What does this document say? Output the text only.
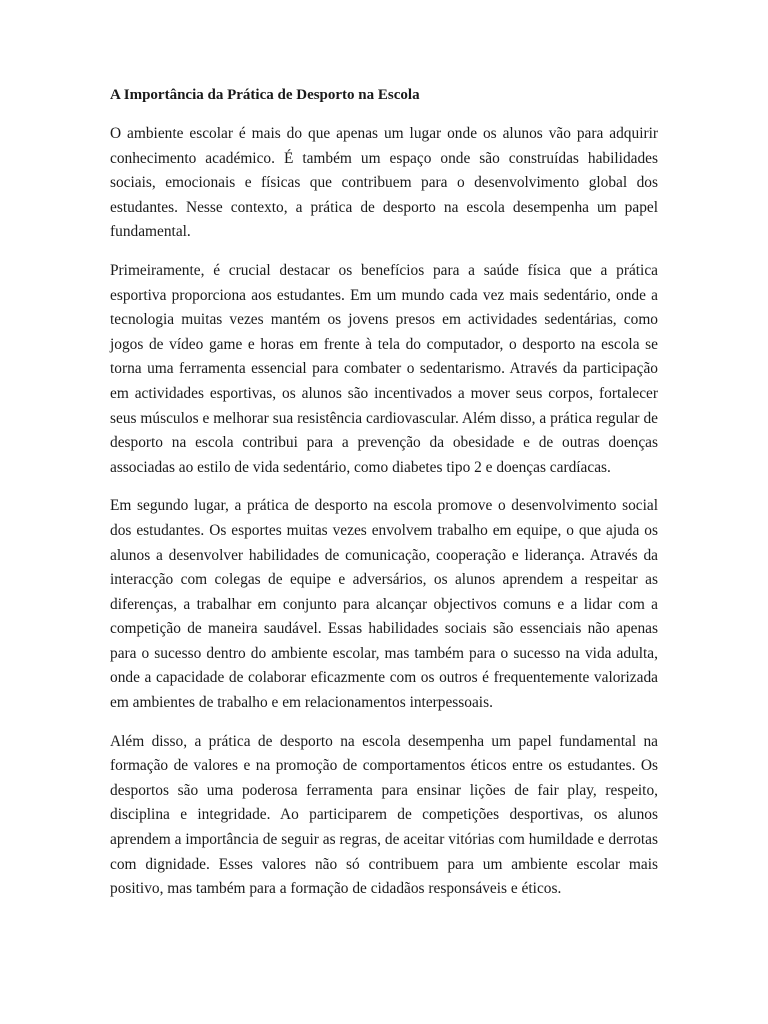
A Importância da Prática de Desporto na Escola

O ambiente escolar é mais do que apenas um lugar onde os alunos vão para adquirir conhecimento académico. É também um espaço onde são construídas habilidades sociais, emocionais e físicas que contribuem para o desenvolvimento global dos estudantes. Nesse contexto, a prática de desporto na escola desempenha um papel fundamental.

Primeiramente, é crucial destacar os benefícios para a saúde física que a prática esportiva proporciona aos estudantes. Em um mundo cada vez mais sedentário, onde a tecnologia muitas vezes mantém os jovens presos em actividades sedentárias, como jogos de vídeo game e horas em frente à tela do computador, o desporto na escola se torna uma ferramenta essencial para combater o sedentarismo. Através da participação em actividades esportivas, os alunos são incentivados a mover seus corpos, fortalecer seus músculos e melhorar sua resistência cardiovascular. Além disso, a prática regular de desporto na escola contribui para a prevenção da obesidade e de outras doenças associadas ao estilo de vida sedentário, como diabetes tipo 2 e doenças cardíacas.

Em segundo lugar, a prática de desporto na escola promove o desenvolvimento social dos estudantes. Os esportes muitas vezes envolvem trabalho em equipe, o que ajuda os alunos a desenvolver habilidades de comunicação, cooperação e liderança. Através da interacção com colegas de equipe e adversários, os alunos aprendem a respeitar as diferenças, a trabalhar em conjunto para alcançar objectivos comuns e a lidar com a competição de maneira saudável. Essas habilidades sociais são essenciais não apenas para o sucesso dentro do ambiente escolar, mas também para o sucesso na vida adulta, onde a capacidade de colaborar eficazmente com os outros é frequentemente valorizada em ambientes de trabalho e em relacionamentos interpessoais.

Além disso, a prática de desporto na escola desempenha um papel fundamental na formação de valores e na promoção de comportamentos éticos entre os estudantes. Os desportos são uma poderosa ferramenta para ensinar lições de fair play, respeito, disciplina e integridade. Ao participarem de competições desportivas, os alunos aprendem a importância de seguir as regras, de aceitar vitórias com humildade e derrotas com dignidade. Esses valores não só contribuem para um ambiente escolar mais positivo, mas também para a formação de cidadãos responsáveis e éticos.
